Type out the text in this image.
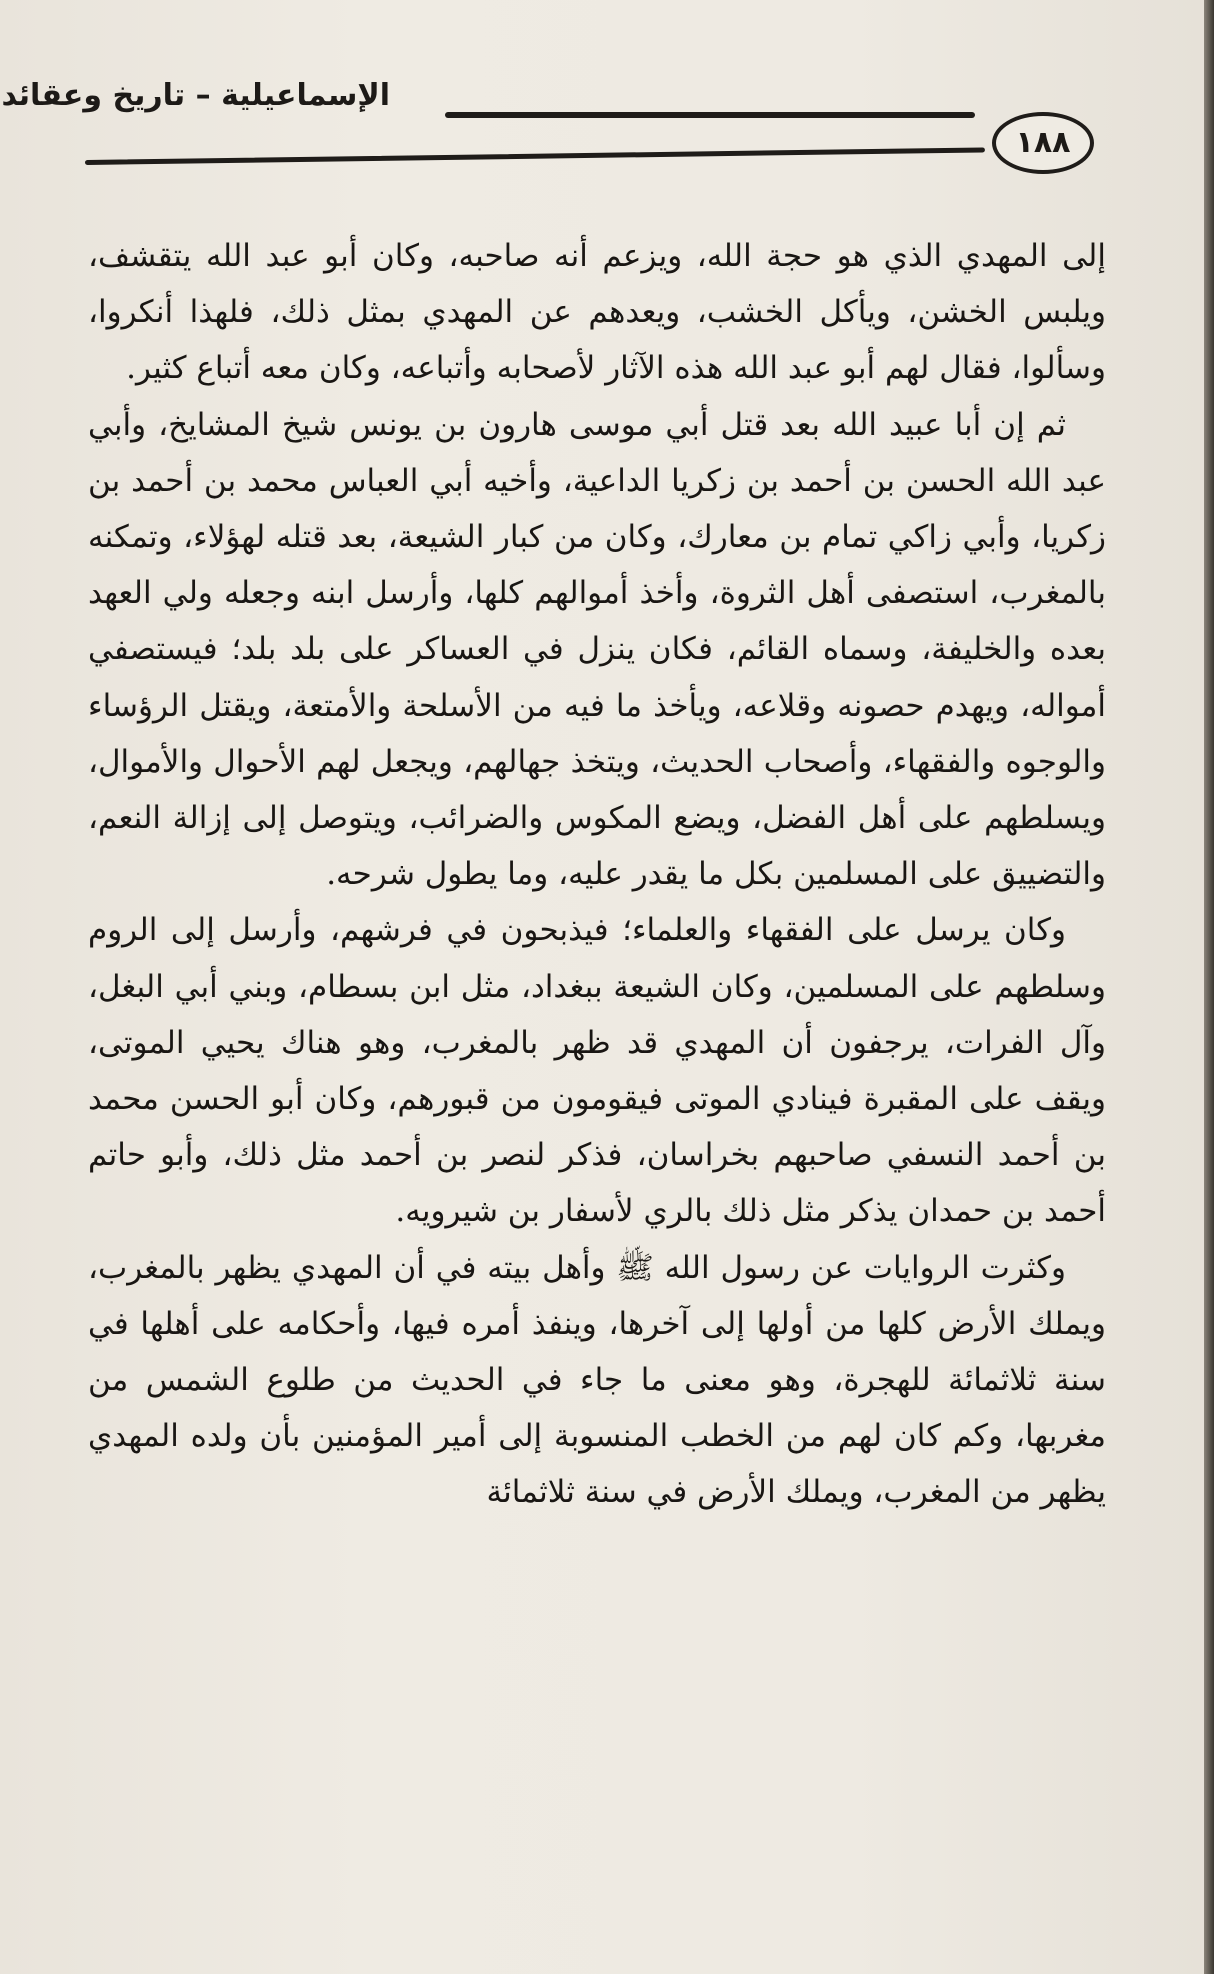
الإسماعيلية – تاريخ وعقائد
١٨٨

إلى المهدي الذي هو حجة الله، ويزعم أنه صاحبه، وكان أبو عبد الله يتقشف، ويلبس الخشن، ويأكل الخشب، ويعدهم عن المهدي بمثل ذلك، فلهذا أنكروا، وسألوا، فقال لهم أبو عبد الله هذه الآثار لأصحابه وأتباعه، وكان معه أتباع كثير.

ثم إن أبا عبيد الله بعد قتل أبي موسى هارون بن يونس شيخ المشايخ، وأبي عبد الله الحسن بن أحمد بن زكريا الداعية، وأخيه أبي العباس محمد بن أحمد بن زكريا، وأبي زاكي تمام بن معارك، وكان من كبار الشيعة، بعد قتله لهؤلاء، وتمكنه بالمغرب، استصفى أهل الثروة، وأخذ أموالهم كلها، وأرسل ابنه وجعله ولي العهد بعده والخليفة، وسماه القائم، فكان ينزل في العساكر على بلد بلد؛ فيستصفي أمواله، ويهدم حصونه وقلاعه، ويأخذ ما فيه من الأسلحة والأمتعة، ويقتل الرؤساء والوجوه والفقهاء، وأصحاب الحديث، ويتخذ جهالهم، ويجعل لهم الأحوال والأموال، ويسلطهم على أهل الفضل، ويضع المكوس والضرائب، ويتوصل إلى إزالة النعم، والتضييق على المسلمين بكل ما يقدر عليه، وما يطول شرحه.

وكان يرسل على الفقهاء والعلماء؛ فيذبحون في فرشهم، وأرسل إلى الروم وسلطهم على المسلمين، وكان الشيعة ببغداد، مثل ابن بسطام، وبني أبي البغل، وآل الفرات، يرجفون أن المهدي قد ظهر بالمغرب، وهو هناك يحيي الموتى، ويقف على المقبرة فينادي الموتى فيقومون من قبورهم، وكان أبو الحسن محمد بن أحمد النسفي صاحبهم بخراسان، فذكر لنصر بن أحمد مثل ذلك، وأبو حاتم أحمد بن حمدان يذكر مثل ذلك بالري لأسفار بن شيرويه.

وكثرت الروايات عن رسول الله ﷺ وأهل بيته في أن المهدي يظهر بالمغرب، ويملك الأرض كلها من أولها إلى آخرها، وينفذ أمره فيها، وأحكامه على أهلها في سنة ثلاثمائة للهجرة، وهو معنى ما جاء في الحديث من طلوع الشمس من مغربها، وكم كان لهم من الخطب المنسوبة إلى أمير المؤمنين بأن ولده المهدي يظهر من المغرب، ويملك الأرض في سنة ثلاثمائة
